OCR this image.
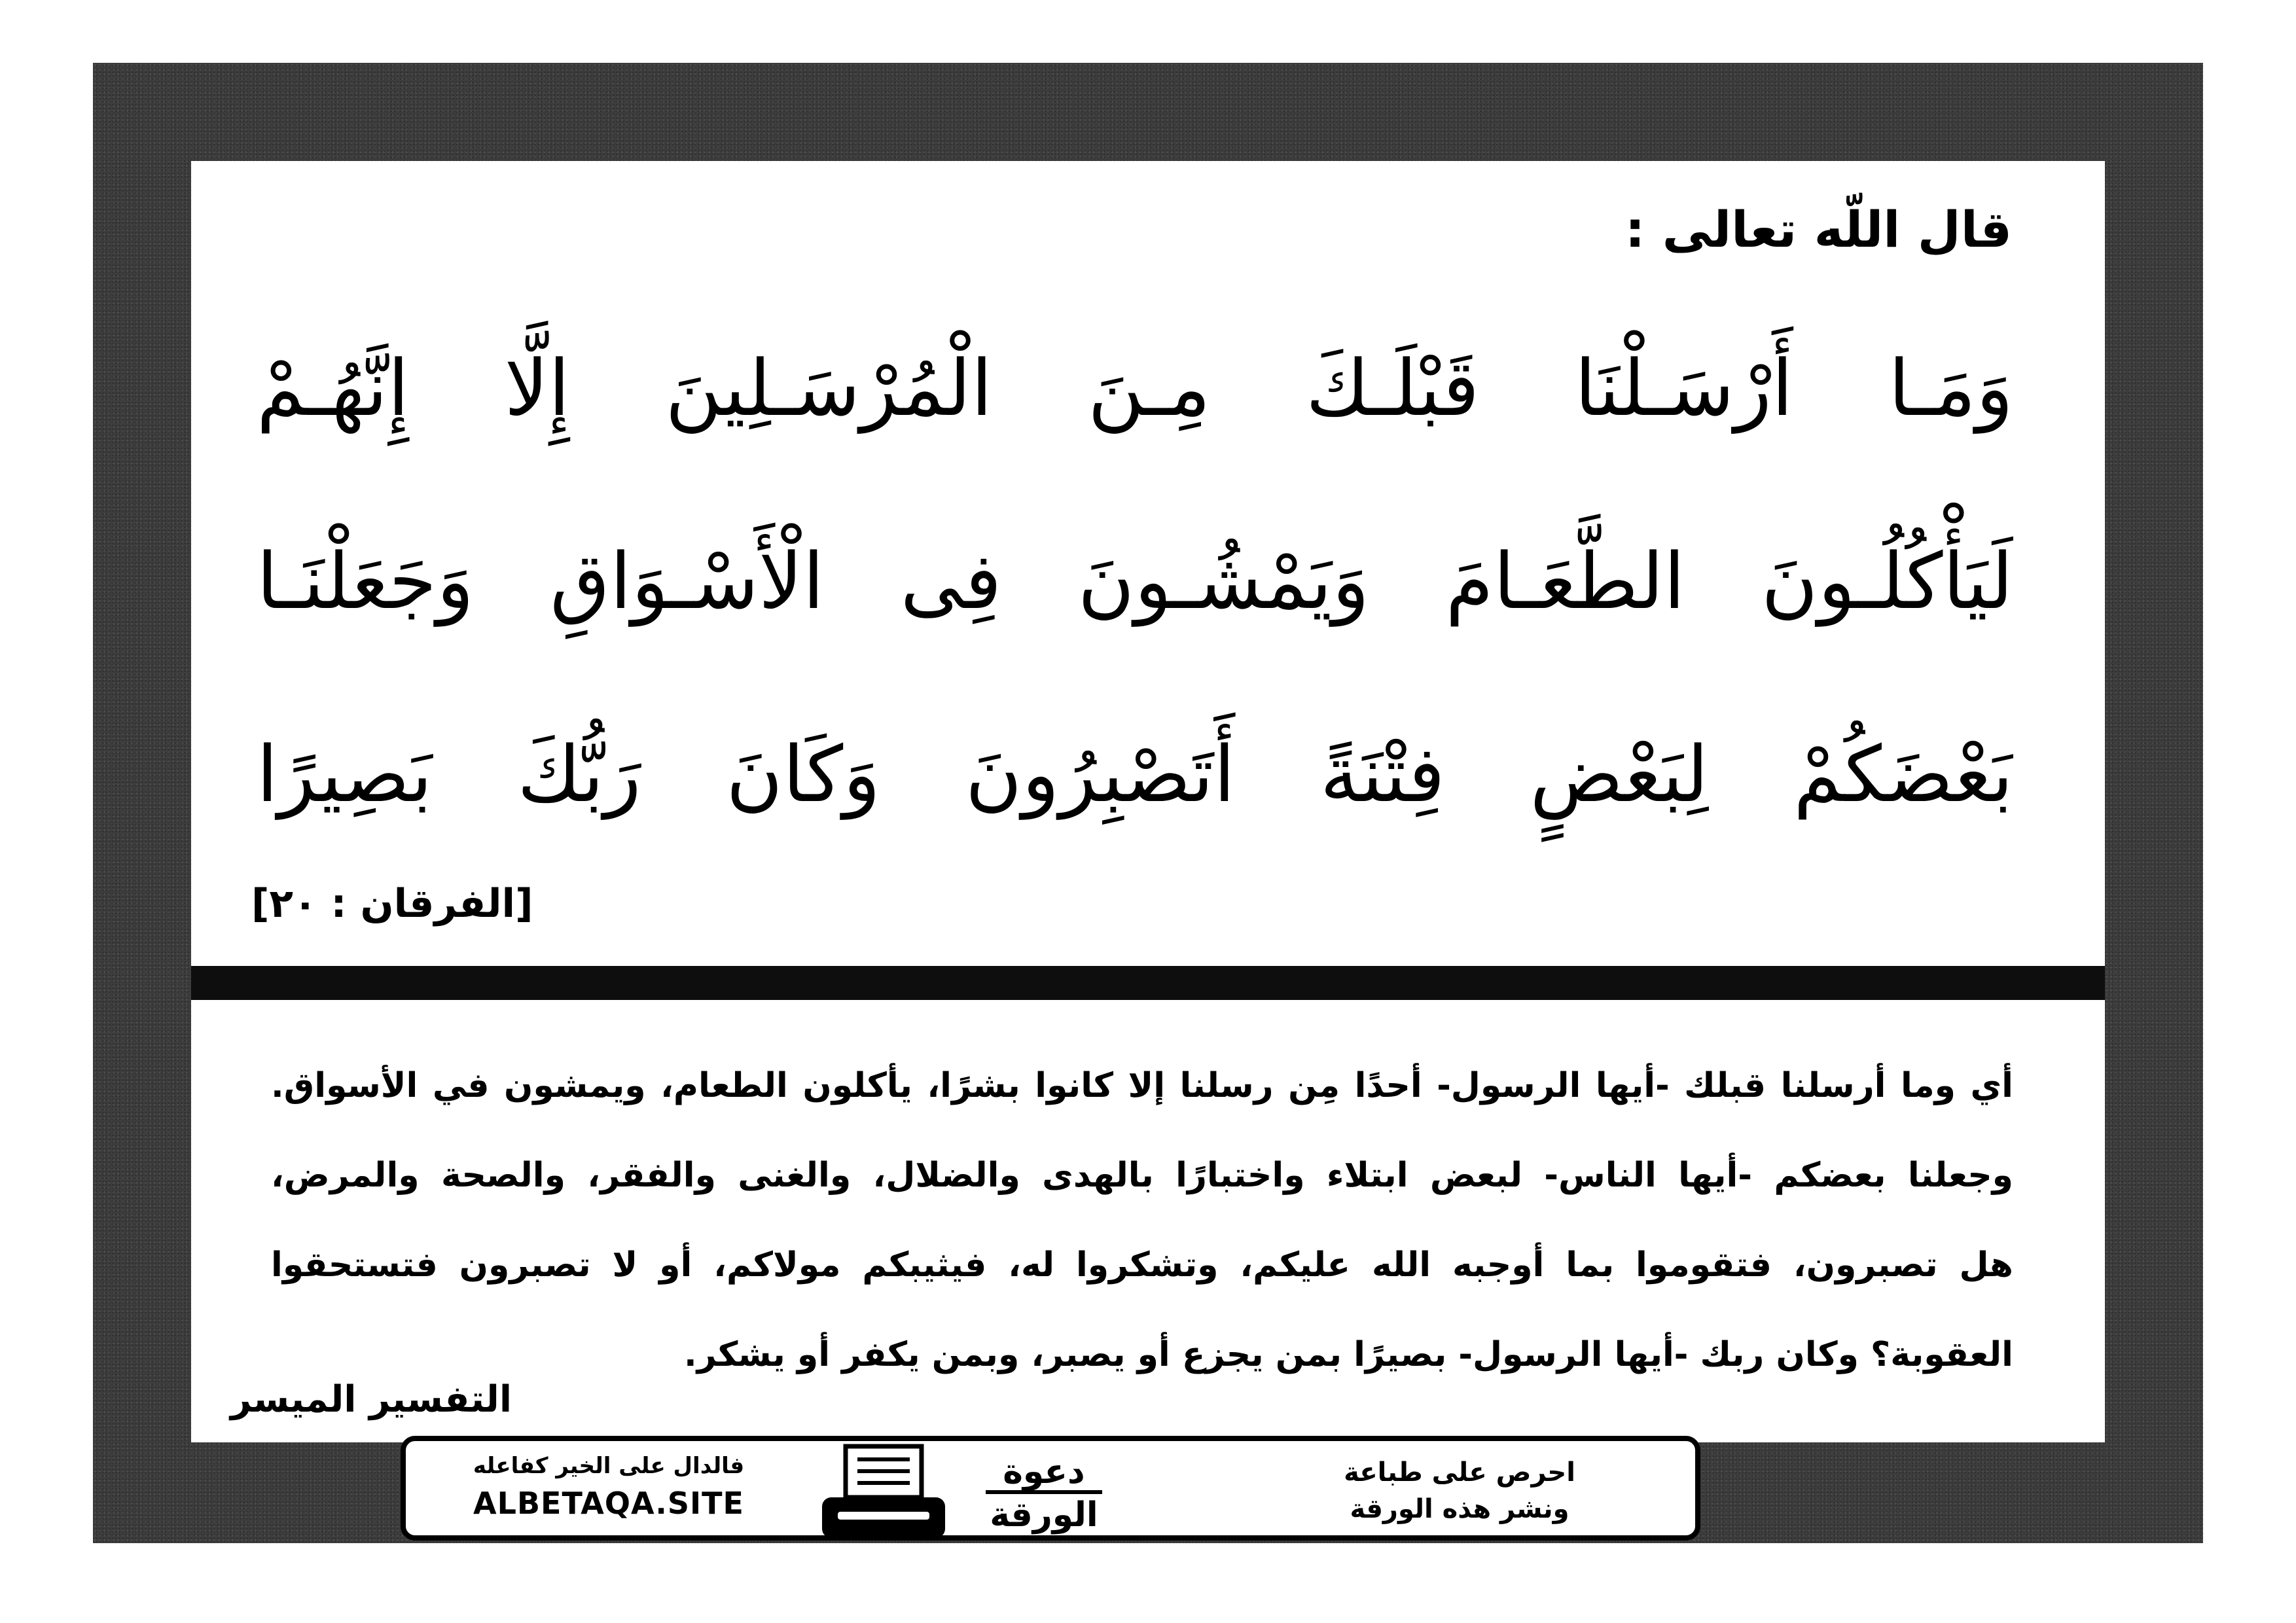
قال اللّه تعالى :
وَمَـا أَرْسَـلْنَا قَبْلَـكَ مِـنَ الْمُرْسَـلِينَ إِلَّا إِنَّهُـمْ
لَيَأْكُلُـونَ الطَّعَـامَ وَيَمْشُـونَ فِى الْأَسْـوَاقِ وَجَعَلْنَـا
بَعْضَكُمْ لِبَعْضٍ فِتْنَةً أَتَصْبِرُونَ وَكَانَ رَبُّكَ بَصِيرًا
[الفرقان : ٢٠]
أي وما أرسلنا قبلك -أيها الرسول- أحدًا مِن رسلنا إلا كانوا بشرًا، يأكلون الطعام، ويمشون في الأسواق.
وجعلنا بعضكم -أيها الناس- لبعض ابتلاء واختبارًا بالهدى والضلال، والغنى والفقر، والصحة والمرض،
هل تصبرون، فتقوموا بما أوجبه الله عليكم، وتشكروا له، فيثيبكم مولاكم، أو لا تصبرون فتستحقوا
العقوبة؟ وكان ربك -أيها الرسول- بصيرًا بمن يجزع أو يصبر، وبمن يكفر أو يشكر.
التفسير الميسر
فالدال على الخير كفاعله
ALBETAQA.SITE
دعوة
الورقة
احرص على طباعة
ونشر هذه الورقة
